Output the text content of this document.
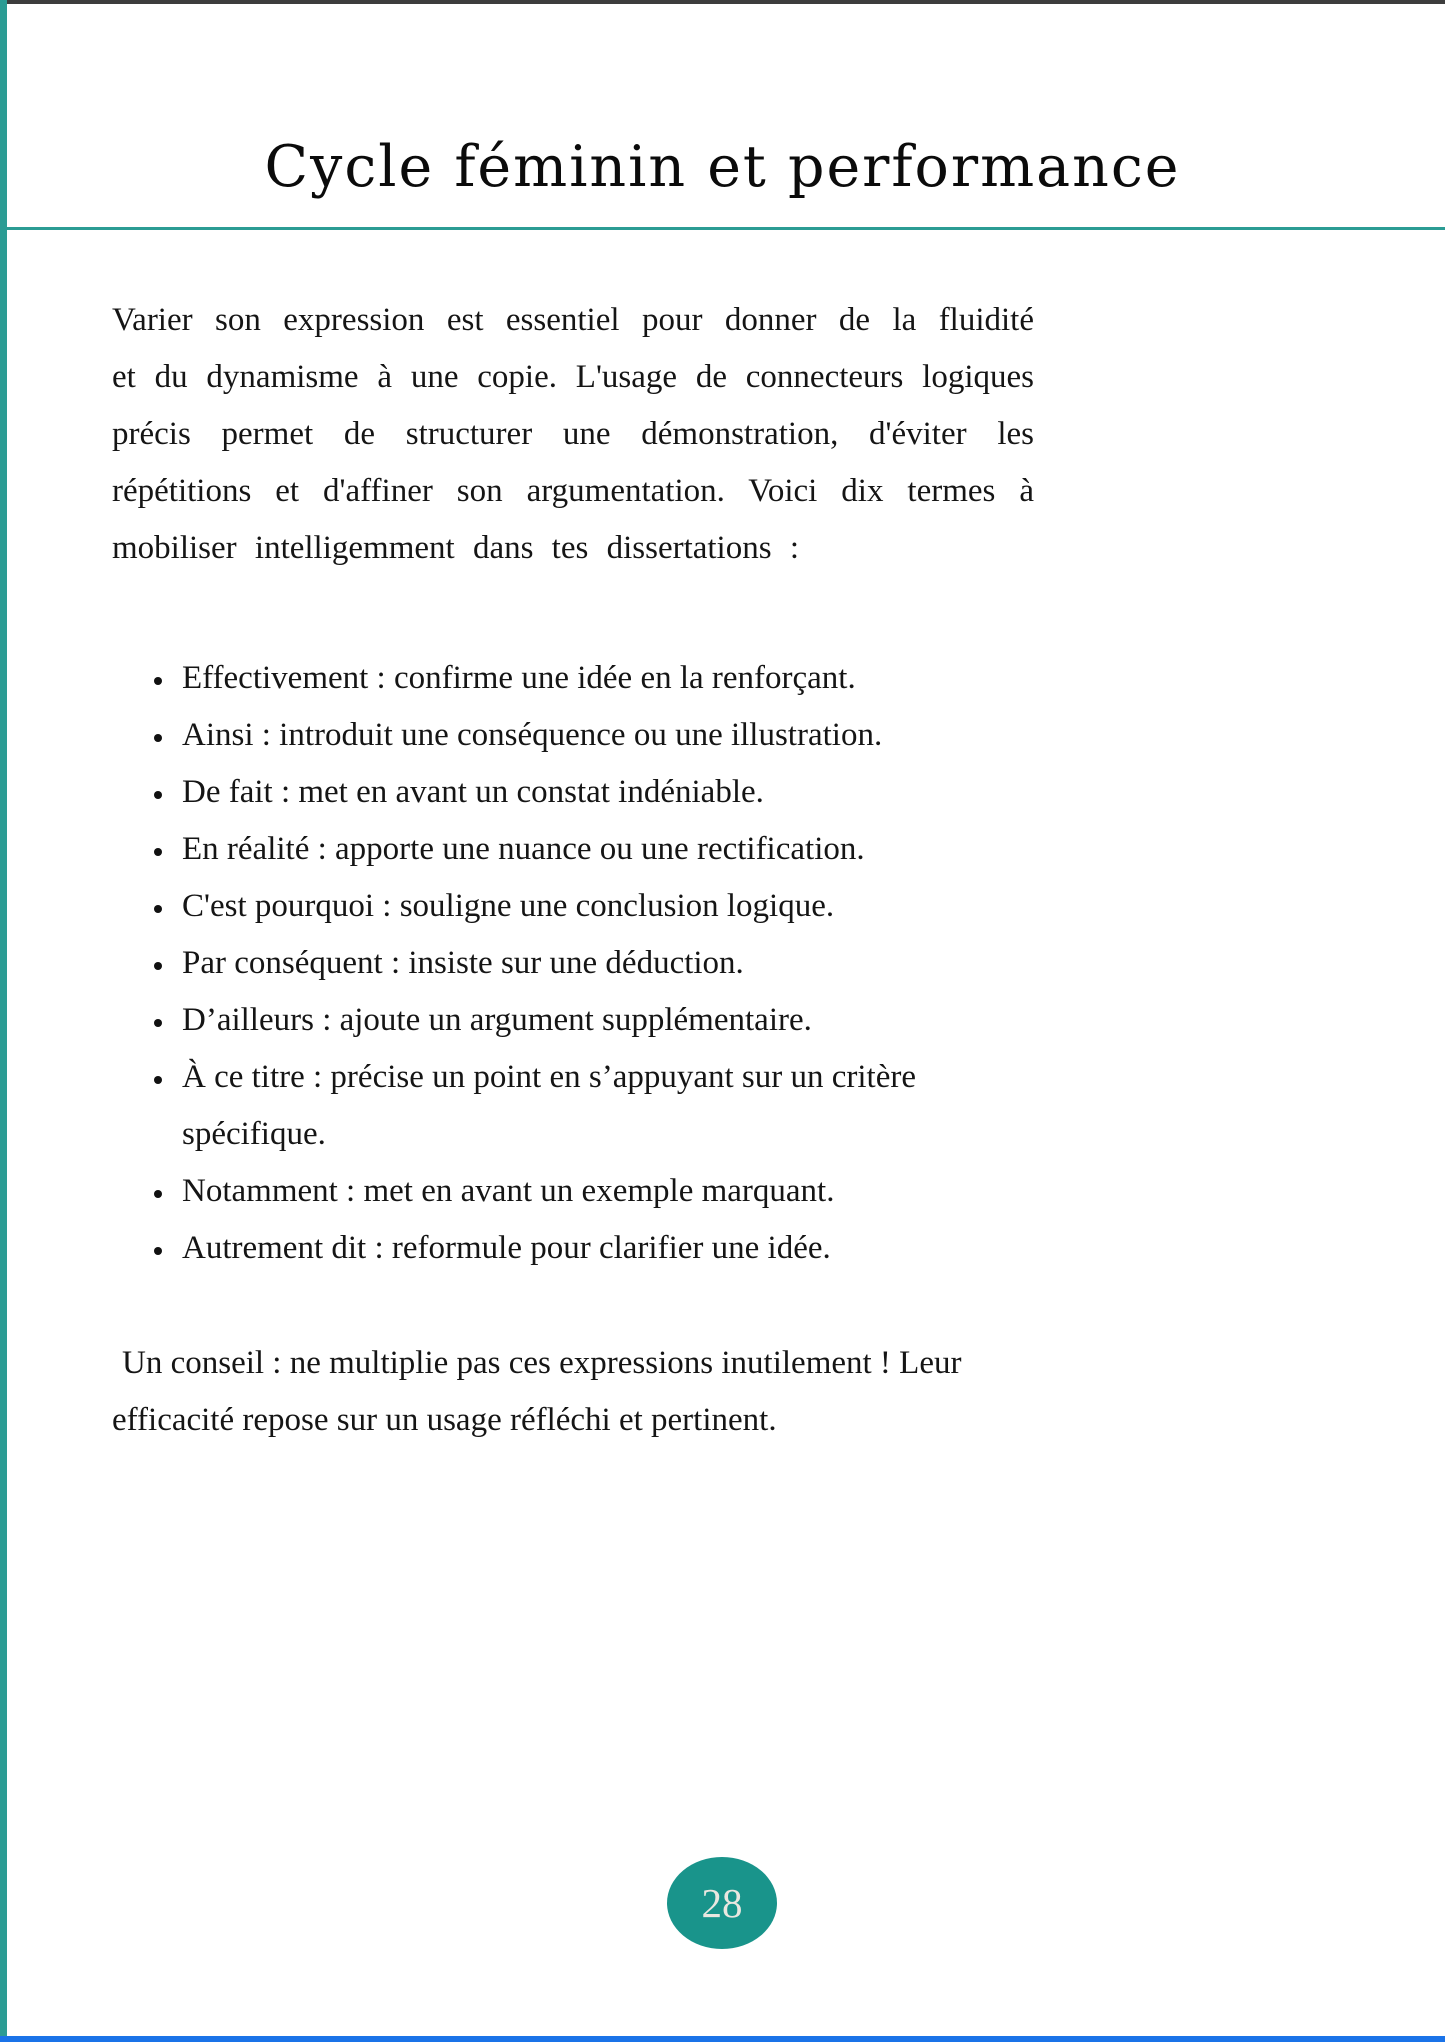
Cycle féminin et performance

Varier son expression est essentiel pour donner de la fluidité et du dynamisme à une copie. L'usage de connecteurs logiques précis permet de structurer une démonstration, d'éviter les répétitions et d'affiner son argumentation. Voici dix termes à mobiliser intelligemment dans tes dissertations :

• Effectivement : confirme une idée en la renforçant.
• Ainsi : introduit une conséquence ou une illustration.
• De fait : met en avant un constat indéniable.
• En réalité : apporte une nuance ou une rectification.
• C'est pourquoi : souligne une conclusion logique.
• Par conséquent : insiste sur une déduction.
• D’ailleurs : ajoute un argument supplémentaire.
• À ce titre : précise un point en s’appuyant sur un critère spécifique.
• Notamment : met en avant un exemple marquant.
• Autrement dit : reformule pour clarifier une idée.

Un conseil : ne multiplie pas ces expressions inutilement ! Leur efficacité repose sur un usage réfléchi et pertinent.

28
